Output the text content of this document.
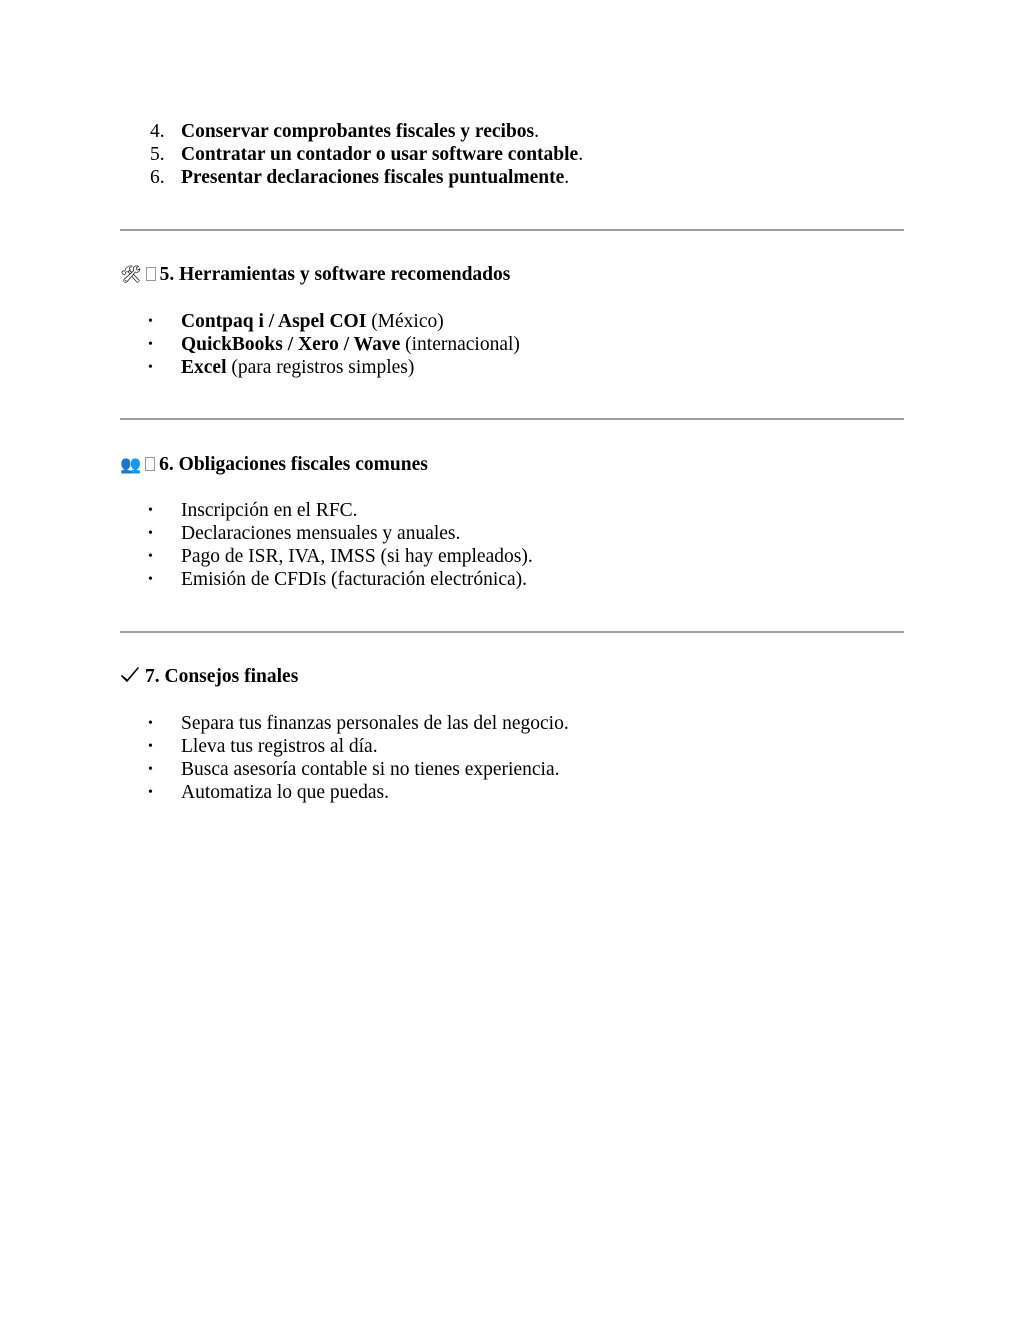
4. Conservar comprobantes fiscales y recibos.
5. Contratar un contador o usar software contable.
6. Presentar declaraciones fiscales puntualmente.
🛠 5. Herramientas y software recomendados
• Contpaq i / Aspel COI (México)
• QuickBooks / Xero / Wave (internacional)
• Excel (para registros simples)
👥 6. Obligaciones fiscales comunes
• Inscripción en el RFC.
• Declaraciones mensuales y anuales.
• Pago de ISR, IVA, IMSS (si hay empleados).
• Emisión de CFDIs (facturación electrónica).
7. Consejos finales
• Separa tus finanzas personales de las del negocio.
• Lleva tus registros al día.
• Busca asesoría contable si no tienes experiencia.
• Automatiza lo que puedas.
